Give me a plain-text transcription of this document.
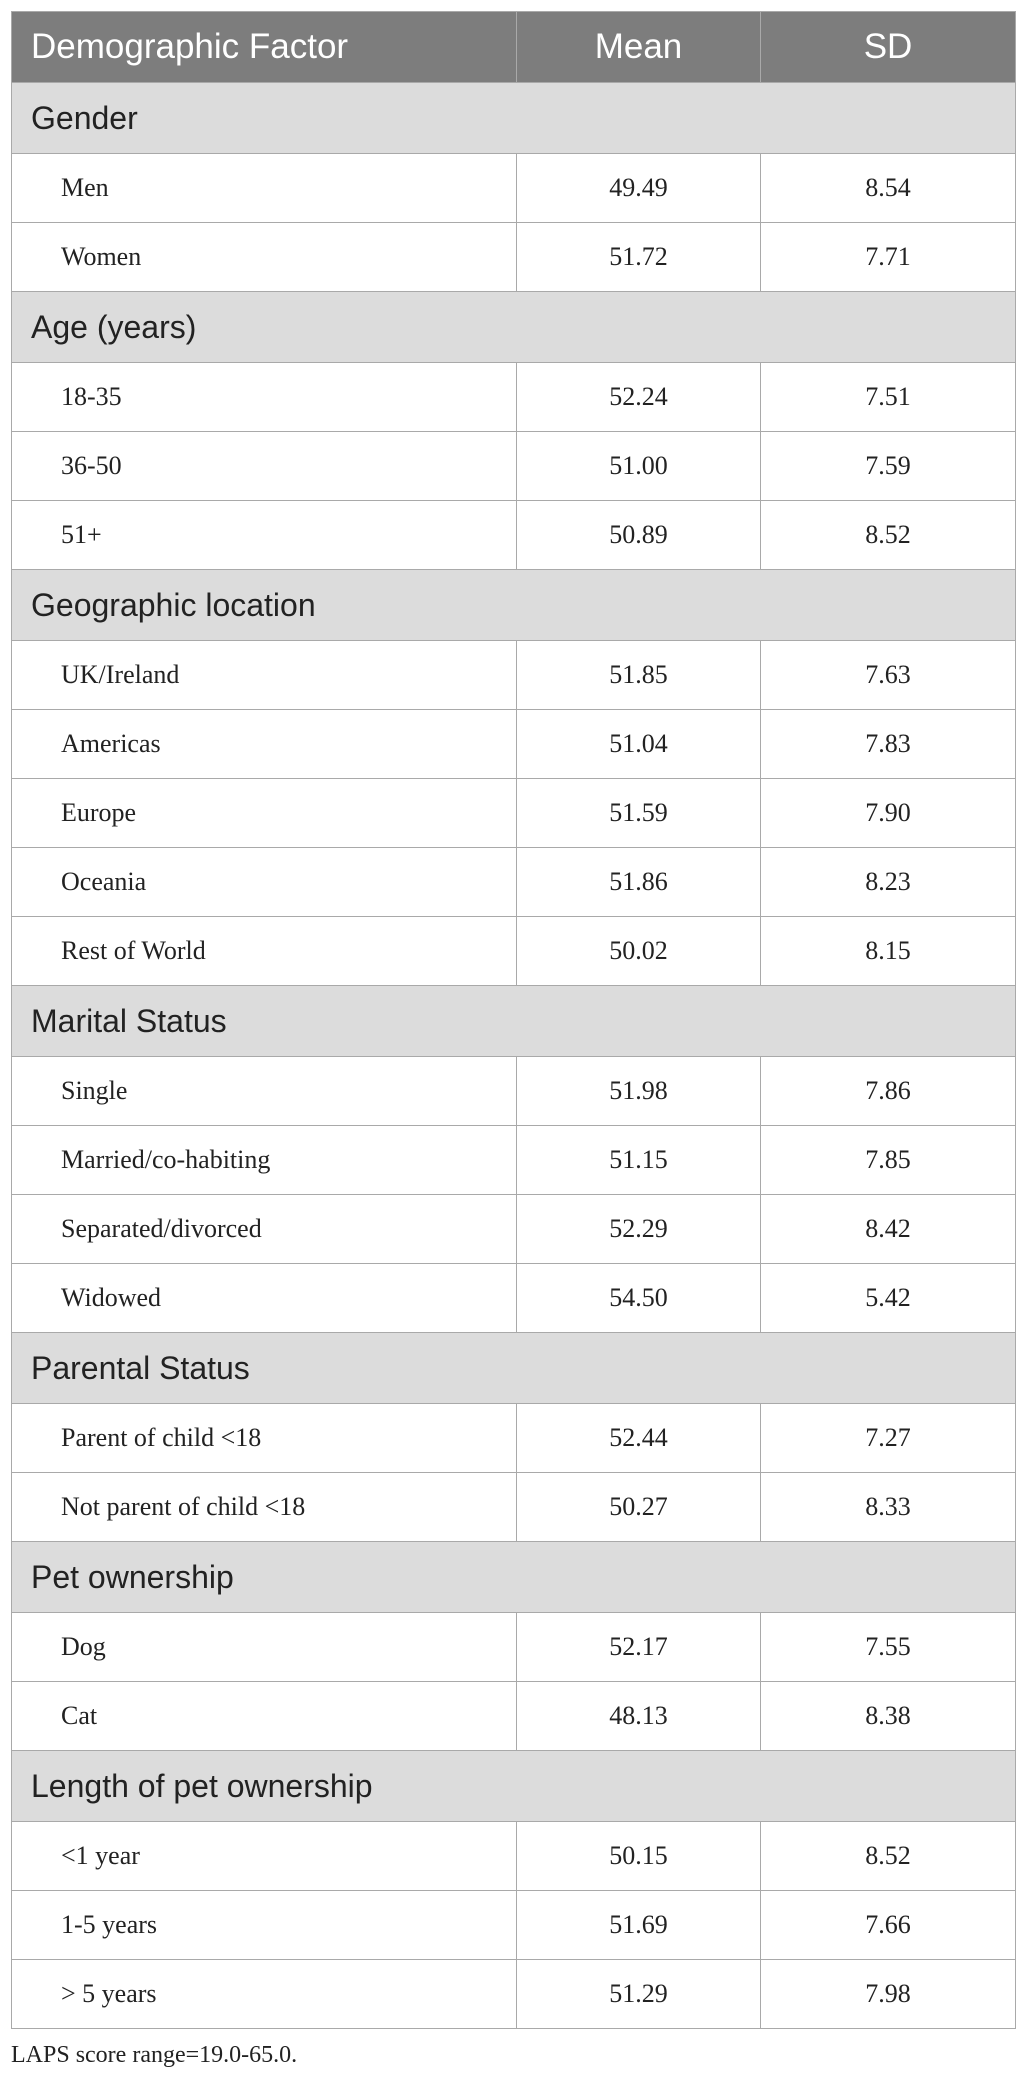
Demographic Factor	Mean	SD
Gender		
Men	49.49	8.54
Women	51.72	7.71
Age (years)		
18-35	52.24	7.51
36-50	51.00	7.59
51+	50.89	8.52
Geographic location		
UK/Ireland	51.85	7.63
Americas	51.04	7.83
Europe	51.59	7.90
Oceania	51.86	8.23
Rest of World	50.02	8.15
Marital Status		
Single	51.98	7.86
Married/co-habiting	51.15	7.85
Separated/divorced	52.29	8.42
Widowed	54.50	5.42
Parental Status		
Parent of child <18	52.44	7.27
Not parent of child <18	50.27	8.33
Pet ownership		
Dog	52.17	7.55
Cat	48.13	8.38
Length of pet ownership		
<1 year	50.15	8.52
1-5 years	51.69	7.66
> 5 years	51.29	7.98
LAPS score range=19.0-65.0.
